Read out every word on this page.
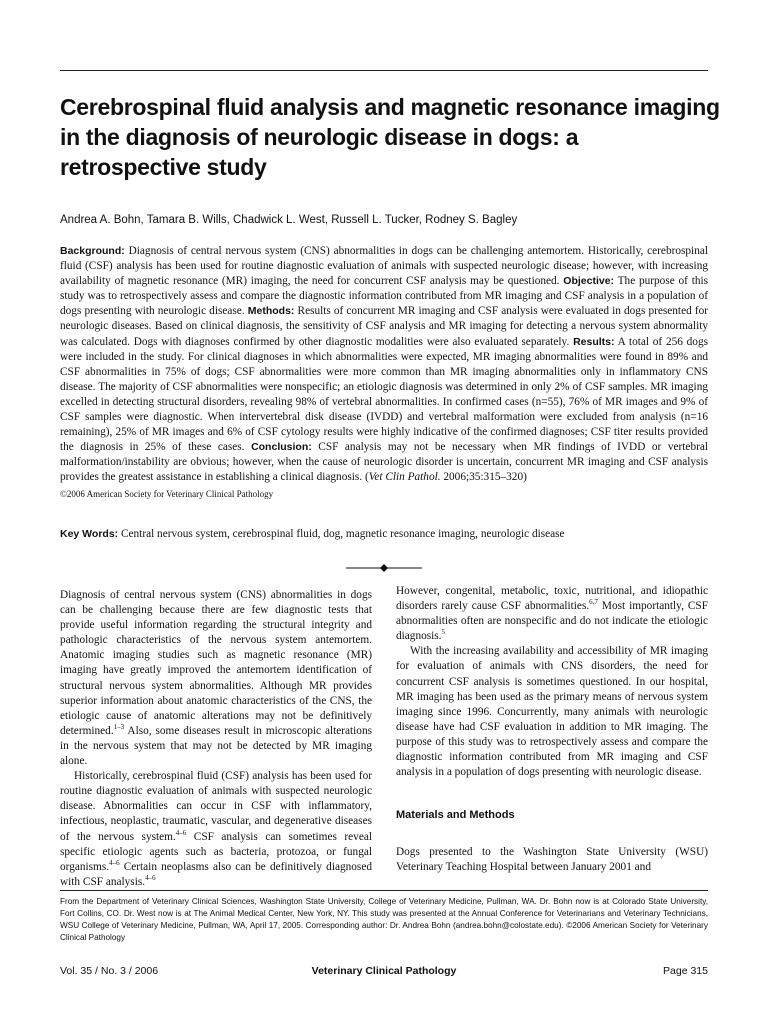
Cerebrospinal fluid analysis and magnetic resonance imaging in the diagnosis of neurologic disease in dogs: a retrospective study
Andrea A. Bohn, Tamara B. Wills, Chadwick L. West, Russell L. Tucker, Rodney S. Bagley

Background: Diagnosis of central nervous system (CNS) abnormalities in dogs can be challenging antemortem. Historically, cerebrospinal fluid (CSF) analysis has been used for routine diagnostic evaluation of animals with suspected neurologic disease; however, with increasing availability of magnetic resonance (MR) imaging, the need for concurrent CSF analysis may be questioned. Objective: The purpose of this study was to retrospectively assess and compare the diagnostic information contributed from MR imaging and CSF analysis in a population of dogs presenting with neurologic disease. Methods: Results of concurrent MR imaging and CSF analysis were evaluated in dogs presented for neurologic diseases. Based on clinical diagnosis, the sensitivity of CSF analysis and MR imaging for detecting a nervous system abnormality was calculated. Dogs with diagnoses confirmed by other diagnostic modalities were also evaluated separately. Results: A total of 256 dogs were included in the study. For clinical diagnoses in which abnormalities were expected, MR imaging abnormalities were found in 89% and CSF abnormalities in 75% of dogs; CSF abnormalities were more common than MR imaging abnormalities only in inflammatory CNS disease. The majority of CSF abnormalities were nonspecific; an etiologic diagnosis was determined in only 2% of CSF samples. MR imaging excelled in detecting structural disorders, revealing 98% of vertebral abnormalities. In confirmed cases (n=55), 76% of MR images and 9% of CSF samples were diagnostic. When intervertebral disk disease (IVDD) and vertebral malformation were excluded from analysis (n=16 remaining), 25% of MR images and 6% of CSF cytology results were highly indicative of the confirmed diagnoses; CSF titer results provided the diagnosis in 25% of these cases. Conclusion: CSF analysis may not be necessary when MR findings of IVDD or vertebral malformation/instability are obvious; however, when the cause of neurologic disorder is uncertain, concurrent MR imaging and CSF analysis provides the greatest assistance in establishing a clinical diagnosis. (Vet Clin Pathol. 2006;35:315–320)

©2006 American Society for Veterinary Clinical Pathology
Key Words: Central nervous system, cerebrospinal fluid, dog, magnetic resonance imaging, neurologic disease

Diagnosis of central nervous system (CNS) abnormalities in dogs can be challenging because there are few diagnostic tests that provide useful information regarding the structural integrity and pathologic characteristics of the nervous system antemortem. Anatomic imaging studies such as magnetic resonance (MR) imaging have greatly improved the antemortem identification of structural nervous system abnormalities. Although MR provides superior information about anatomic characteristics of the CNS, the etiologic cause of anatomic alterations may not be definitively determined.$^{1-3}$ Also, some diseases result in microscopic alterations in the nervous system that may not be detected by MR imaging alone.

Historically, cerebrospinal fluid (CSF) analysis has been used for routine diagnostic evaluation of animals with suspected neurologic disease. Abnormalities can occur in CSF with inflammatory, infectious, neoplastic, traumatic, vascular, and degenerative diseases of the nervous system.$^{4-6}$ CSF analysis can sometimes reveal specific etiologic agents such as bacteria, protozoa, or fungal organisms.$^{4-6}$ Certain neoplasms also can be definitively diagnosed with CSF analysis.$^{4-6}$

However, congenital, metabolic, toxic, nutritional, and idiopathic disorders rarely cause CSF abnormalities.$^{6,7}$ Most importantly, CSF abnormalities often are nonspecific and do not indicate the etiologic diagnosis.$^5$

With the increasing availability and accessibility of MR imaging for evaluation of animals with CNS disorders, the need for concurrent CSF analysis is sometimes questioned. In our hospital, MR imaging has been used as the primary means of nervous system imaging since 1996. Concurrently, many animals with neurologic disease have had CSF evaluation in addition to MR imaging. The purpose of this study was to retrospectively assess and compare the diagnostic information contributed from MR imaging and CSF analysis in a population of dogs presenting with neurologic disease.

Materials and Methods

Dogs presented to the Washington State University (WSU) Veterinary Teaching Hospital between January 2001 and

From the Department of Veterinary Clinical Sciences, Washington State University, College of Veterinary Medicine, Pullman, WA. Dr. Bohn now is at Colorado State University, Fort Collins, CO. Dr. West now is at The Animal Medical Center, New York, NY. This study was presented at the Annual Conference for Veterinarians and Veterinary Technicians, WSU College of Veterinary Medicine, Pullman, WA, April 17, 2005. Corresponding author: Dr. Andrea Bohn (andrea.bohn@colostate.edu). ©2006 American Society for Veterinary Clinical Pathology
Vol. 35 / No. 3 / 2006	Veterinary Clinical Pathology	Page 315
